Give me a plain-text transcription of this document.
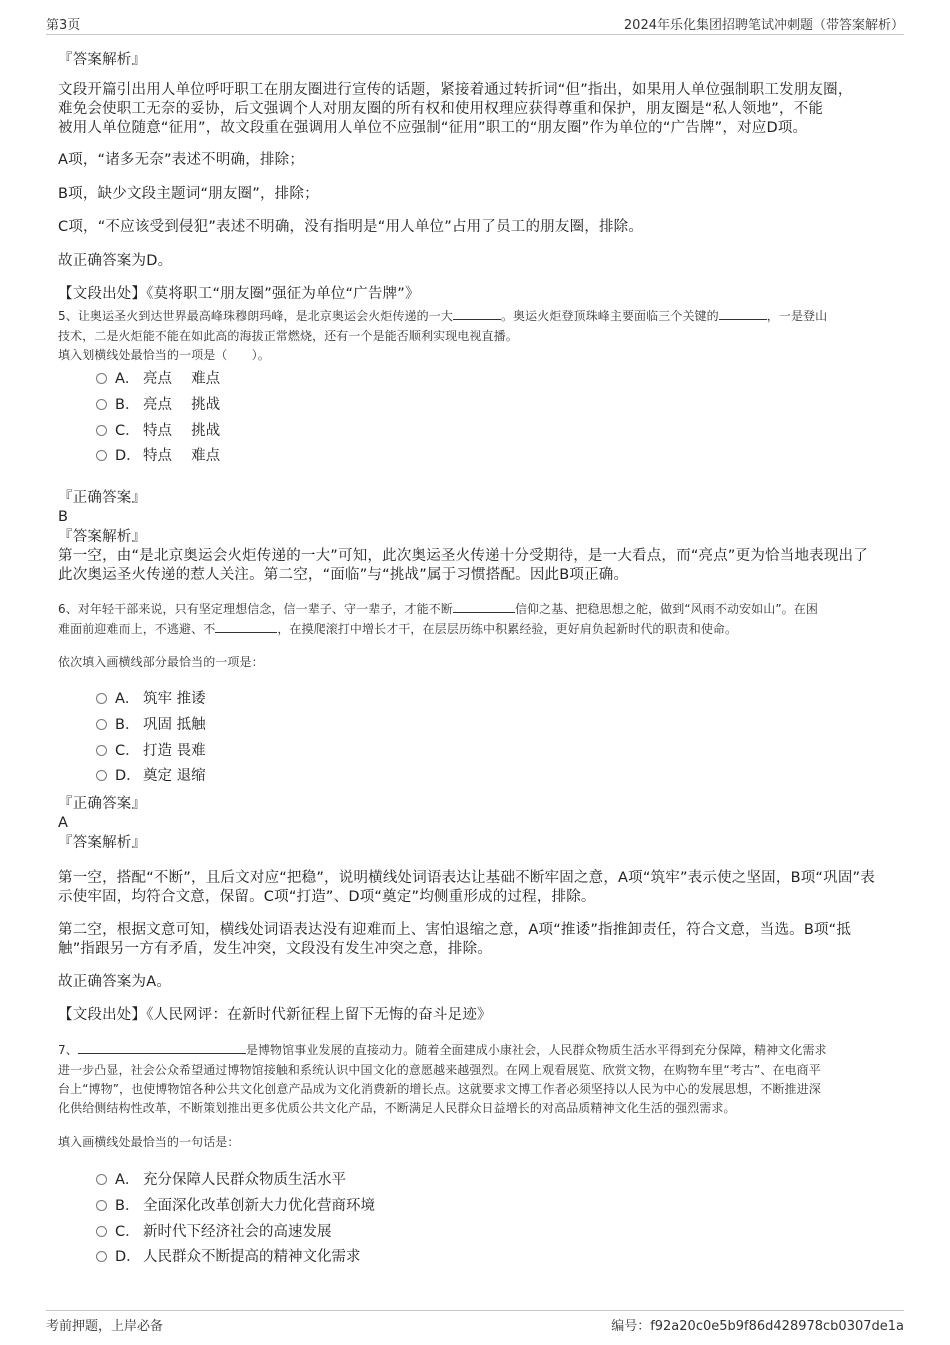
第3页	2024年乐化集团招聘笔试冲刺题（带答案解析）
『答案解析』
文段开篇引出用人单位呼吁职工在朋友圈进行宣传的话题，紧接着通过转折词“但”指出，如果用人单位强制职工发朋友圈，
难免会使职工无奈的妥协，后文强调个人对朋友圈的所有权和使用权理应获得尊重和保护，朋友圈是“私人领地”，不能
被用人单位随意“征用”，故文段重在强调用人单位不应强制“征用”职工的“朋友圈”作为单位的“广告牌”，对应D项。
A项，“诸多无奈”表述不明确，排除；
B项，缺少文段主题词“朋友圈”，排除；
C项，“不应该受到侵犯”表述不明确，没有指明是“用人单位”占用了员工的朋友圈，排除。
故正确答案为D。
【文段出处】《莫将职工“朋友圈”强征为单位“广告牌”》
5、让奥运圣火到达世界最高峰珠穆朗玛峰，是北京奥运会火炬传递的一大	。奥运火炬登顶珠峰主要面临三个关键的	，一是登山
技术，二是火炬能不能在如此高的海拔正常燃烧，还有一个是能否顺利实现电视直播。
填入划横线处最恰当的一项是（　　）。
A． 亮点　 难点
B． 亮点　 挑战
C． 特点　 挑战
D． 特点　 难点
『正确答案』
B
『答案解析』
第一空，由“是北京奥运会火炬传递的一大”可知，此次奥运圣火传递十分受期待，是一大看点，而“亮点”更为恰当地表现出了
此次奥运圣火传递的惹人关注。第二空，“面临”与“挑战”属于习惯搭配。因此B项正确。
6、对年轻干部来说，只有坚定理想信念，信一辈子、守一辈子，才能不断	信仰之基、把稳思想之舵，做到“风雨不动安如山”。在困
难面前迎难而上，不逃避、不	，在摸爬滚打中增长才干，在层层历练中积累经验，更好肩负起新时代的职责和使命。
依次填入画横线部分最恰当的一项是：
A． 筑牢 推诿
B． 巩固 抵触
C． 打造 畏难
D． 奠定 退缩
『正确答案』
A
『答案解析』
第一空，搭配“不断”，且后文对应“把稳”，说明横线处词语表达让基础不断牢固之意，A项“筑牢”表示使之坚固，B项“巩固”表
示使牢固，均符合文意，保留。C项“打造”、D项“奠定”均侧重形成的过程，排除。
第二空，根据文意可知，横线处词语表达没有迎难而上、害怕退缩之意，A项“推诿”指推卸责任，符合文意，当选。B项“抵
触”指跟另一方有矛盾，发生冲突，文段没有发生冲突之意，排除。
故正确答案为A。
【文段出处】《人民网评：在新时代新征程上留下无悔的奋斗足迹》
7、	是博物馆事业发展的直接动力。随着全面建成小康社会，人民群众物质生活水平得到充分保障，精神文化需求
进一步凸显，社会公众希望通过博物馆接触和系统认识中国文化的意愿越来越强烈。在网上观看展览、欣赏文物，在购物车里“考古”、在电商平
台上“博物”，也使博物馆各种公共文化创意产品成为文化消费新的增长点。这就要求文博工作者必须坚持以人民为中心的发展思想，不断推进深
化供给侧结构性改革，不断策划推出更多优质公共文化产品，不断满足人民群众日益增长的对高品质精神文化生活的强烈需求。
填入画横线处最恰当的一句话是：
A． 充分保障人民群众物质生活水平
B． 全面深化改革创新大力优化营商环境
C． 新时代下经济社会的高速发展
D． 人民群众不断提高的精神文化需求
考前押题，上岸必备	编号：f92a20c0e5b9f86d428978cb0307de1a
